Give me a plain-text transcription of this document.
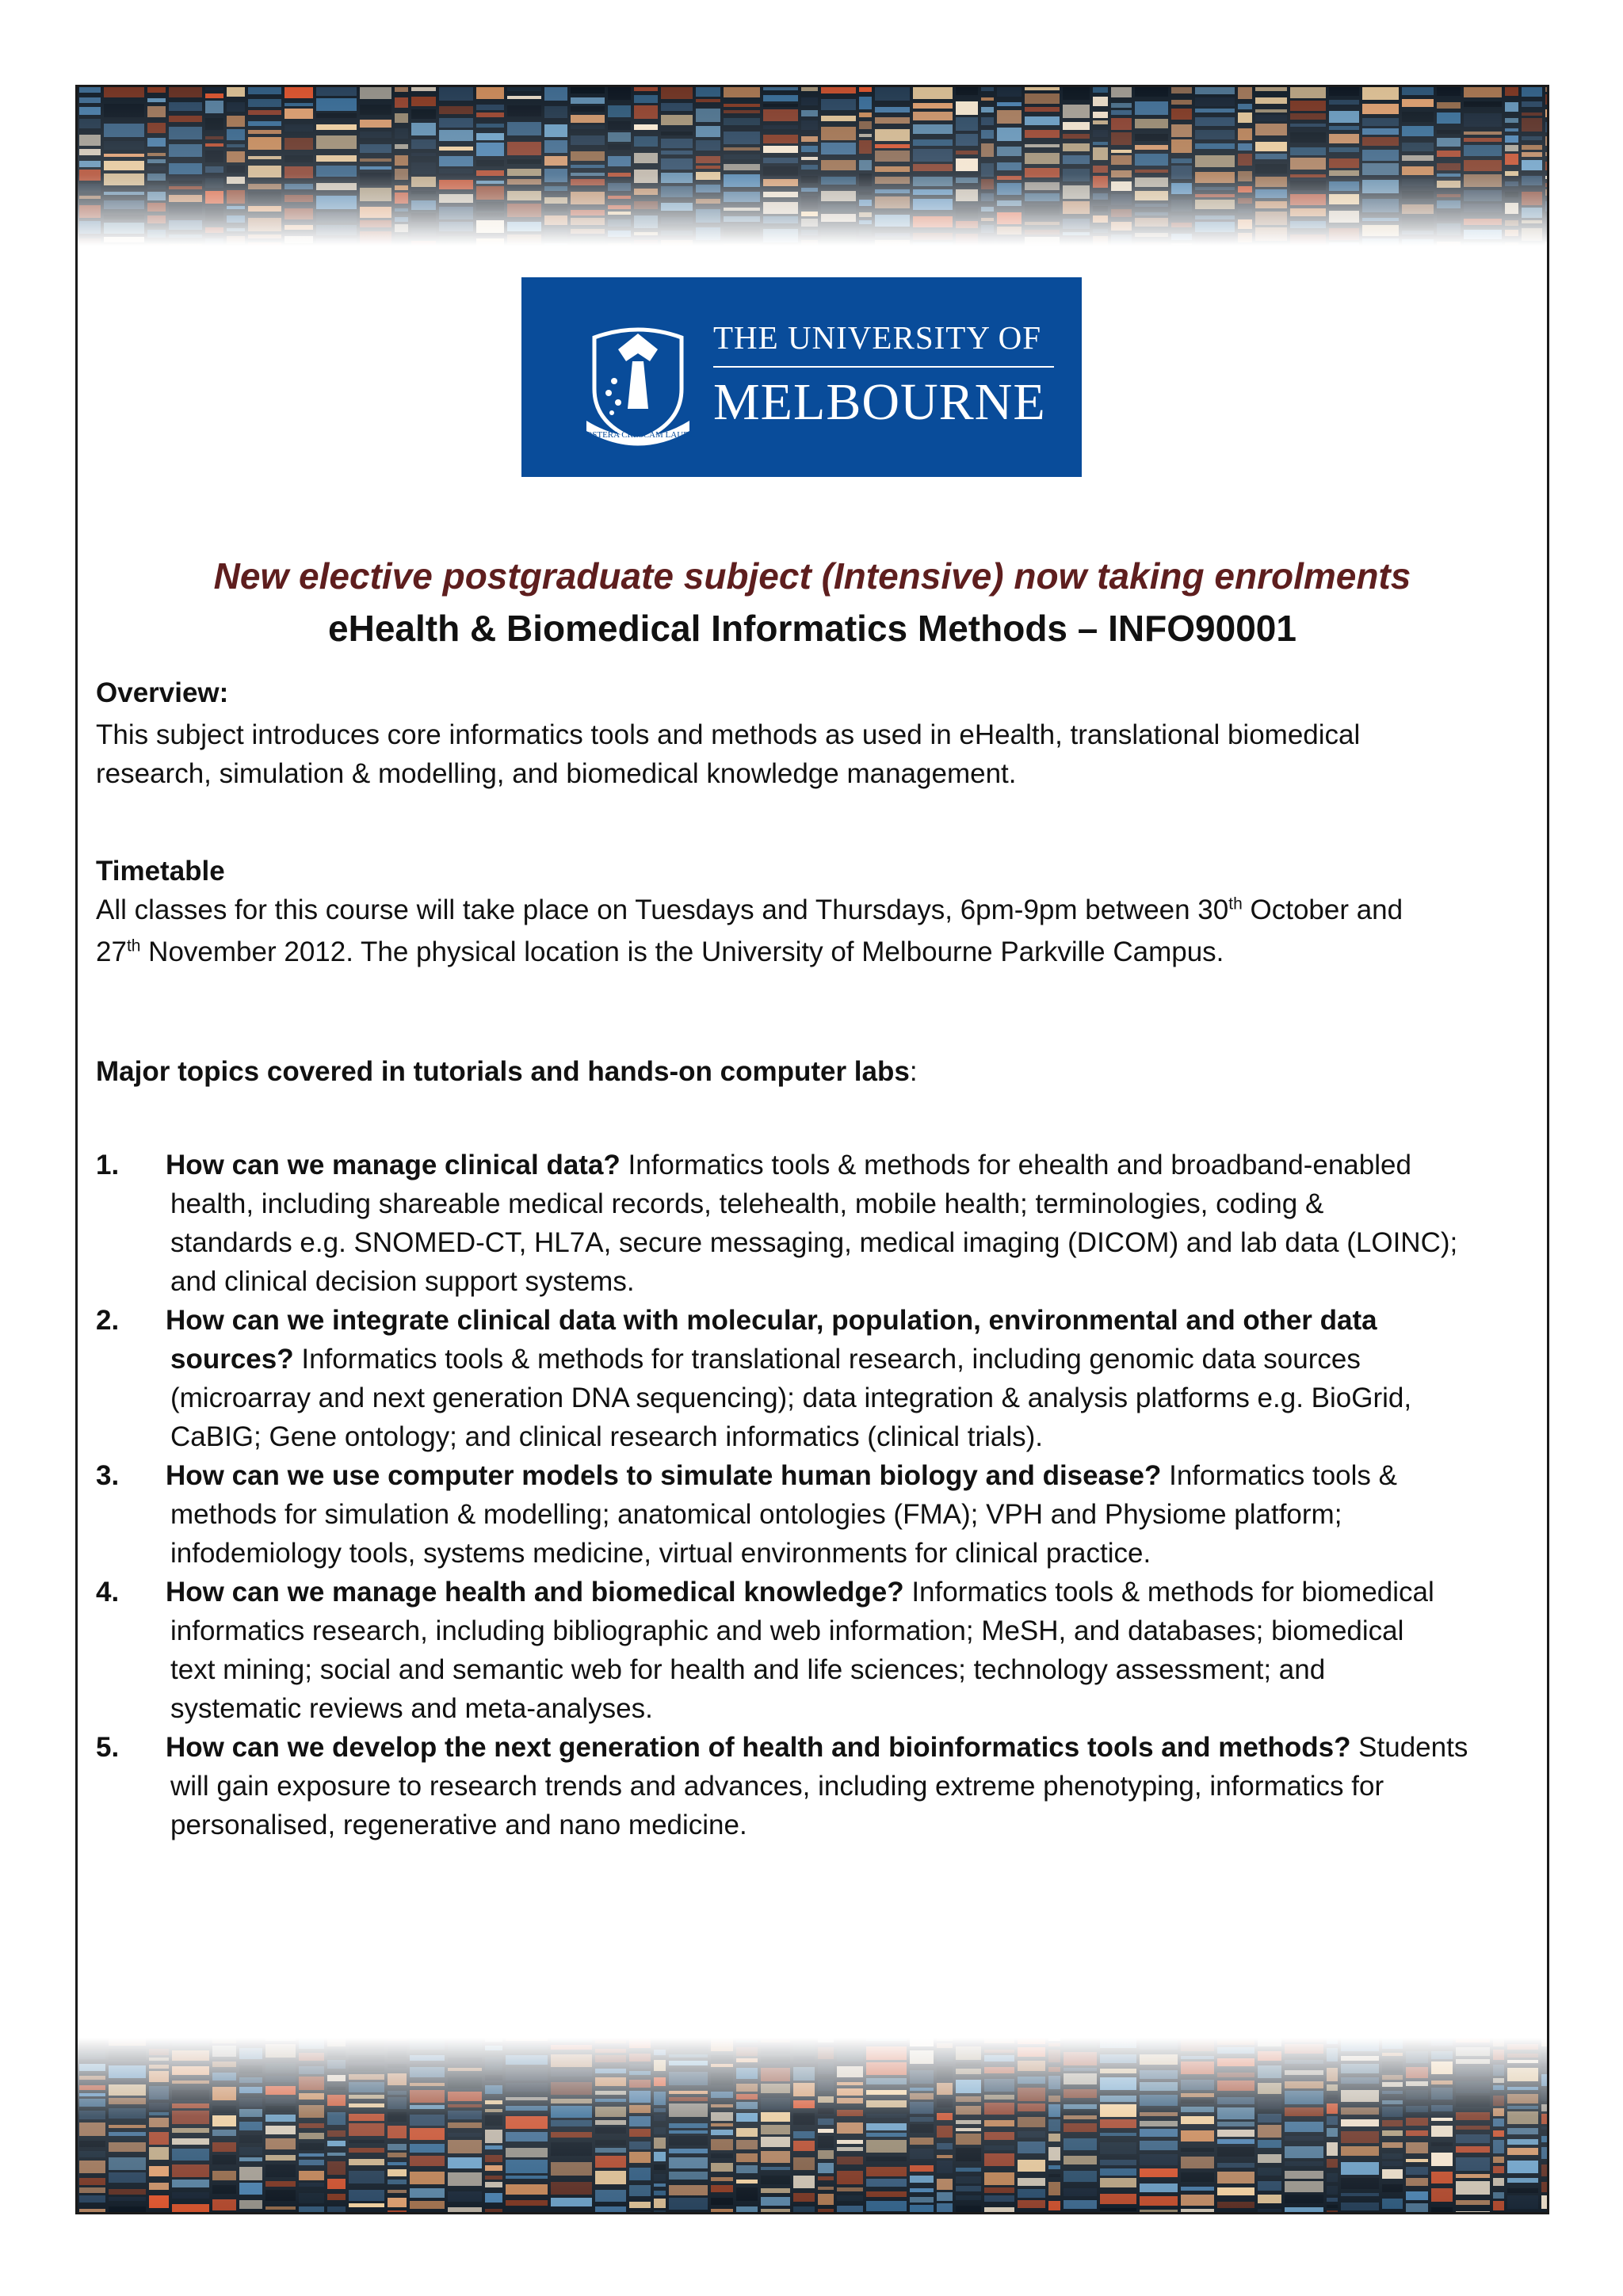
POSTERA CRESCAM LAUDE
THE UNIVERSITY OF
MELBOURNE
New elective postgraduate subject (Intensive) now taking enrolments
eHealth & Biomedical Informatics Methods – INFO90001
Overview:
This subject introduces core informatics tools and methods as used in eHealth, translational biomedical
research, simulation & modelling, and biomedical knowledge management.
Timetable
All classes for this course will take place on Tuesdays and Thursdays, 6pm-9pm between 30th October and
27th November 2012. The physical location is the University of Melbourne Parkville Campus.
Major topics covered in tutorials and hands-on computer labs:
1.	How can we manage clinical data? Informatics tools & methods for ehealth and broadband-enabled
health, including shareable medical records, telehealth, mobile health; terminologies, coding &
standards e.g. SNOMED-CT, HL7A, secure messaging, medical imaging (DICOM) and lab data (LOINC);
and clinical decision support systems.
2.	How can we integrate clinical data with molecular, population, environmental and other data
sources? Informatics tools & methods for translational research, including genomic data sources
(microarray and next generation DNA sequencing); data integration & analysis platforms e.g. BioGrid,
CaBIG; Gene ontology; and clinical research informatics (clinical trials).
3.	How can we use computer models to simulate human biology and disease? Informatics tools &
methods for simulation & modelling; anatomical ontologies (FMA); VPH and Physiome platform;
infodemiology tools, systems medicine, virtual environments for clinical practice.
4.	How can we manage health and biomedical knowledge? Informatics tools & methods for biomedical
informatics research, including bibliographic and web information; MeSH, and databases; biomedical
text mining; social and semantic web for health and life sciences; technology assessment; and
systematic reviews and meta-analyses.
5.	How can we develop the next generation of health and bioinformatics tools and methods? Students
will gain exposure to research trends and advances, including extreme phenotyping, informatics for
personalised, regenerative and nano medicine.
